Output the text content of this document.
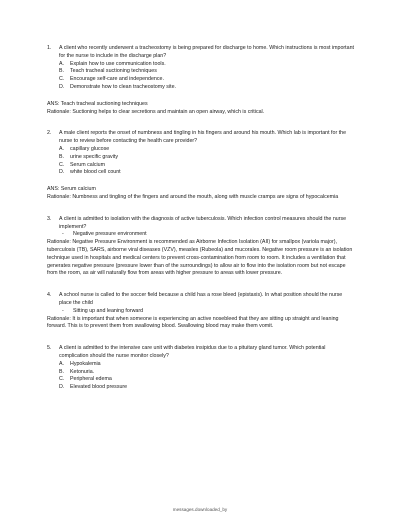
1.	A client who recently underwent a tracheostomy is being prepared for discharge to home. Which instructions is most important for the nurse to include in the discharge plan?
A.	Explain how to use communication tools.
B.	Teach tracheal suctioning techniques
C.	Encourage self-care and independence.
D.	Demonstrate how to clean tracheostomy site.
ANS: Teach tracheal suctioning techniques
Rationale: Suctioning helps to clear secretions and maintain an open airway, which is critical.
2.	A male client reports the onset of numbness and tingling in his fingers and around his mouth. Which lab is important for the nurse to review before contacting the health care provider?
A.	capillary glucose
B.	urine specific gravity
C.	Serum calcium
D.	white blood cell count
ANS: Serum calcium
Rationale: Numbness and tingling of the fingers and around the mouth, along with muscle cramps are signs of hypocalcemia
3.	A client is admitted to isolation with the diagnosis of active tuberculosis. Which infection control measures should the nurse implement?
-	Negative pressure environment
Rationale: Negative Pressure Environment is recommended as Airborne Infection Isolation (AII) for smallpox (variola major), tuberculosis (TB), SARS, airborne viral diseases (VZV), measles (Rubeola) and mucorales. Negative room pressure is an isolation technique used in hospitals and medical centers to prevent cross-contamination from room to room. It includes a ventilation that generates negative pressure (pressure lower than of the surroundings) to allow air to flow into the isolation room but not escape from the room, as air will naturally flow from areas with higher pressure to areas with lower pressure.
4.	A school nurse is called to the soccer field because a child has a rose bleed (epistaxis). In what position should the nurse place the child
-	Sitting up and leaning forward
Rationale: It is important that when someone is experiencing an active nosebleed that they are sitting up straight and leaning forward. This is to prevent them from swallowing blood. Swallowing blood may make them vomit.
5.	A client is admitted to the intensive care unit with diabetes insipidus due to a pituitary gland tumor. Which potential complication should the nurse monitor closely?
A.	Hypokalemia
B.	Ketonuria.
C.	Peripheral edema
D.	Elevated blood pressure
messages.downloaded_by
